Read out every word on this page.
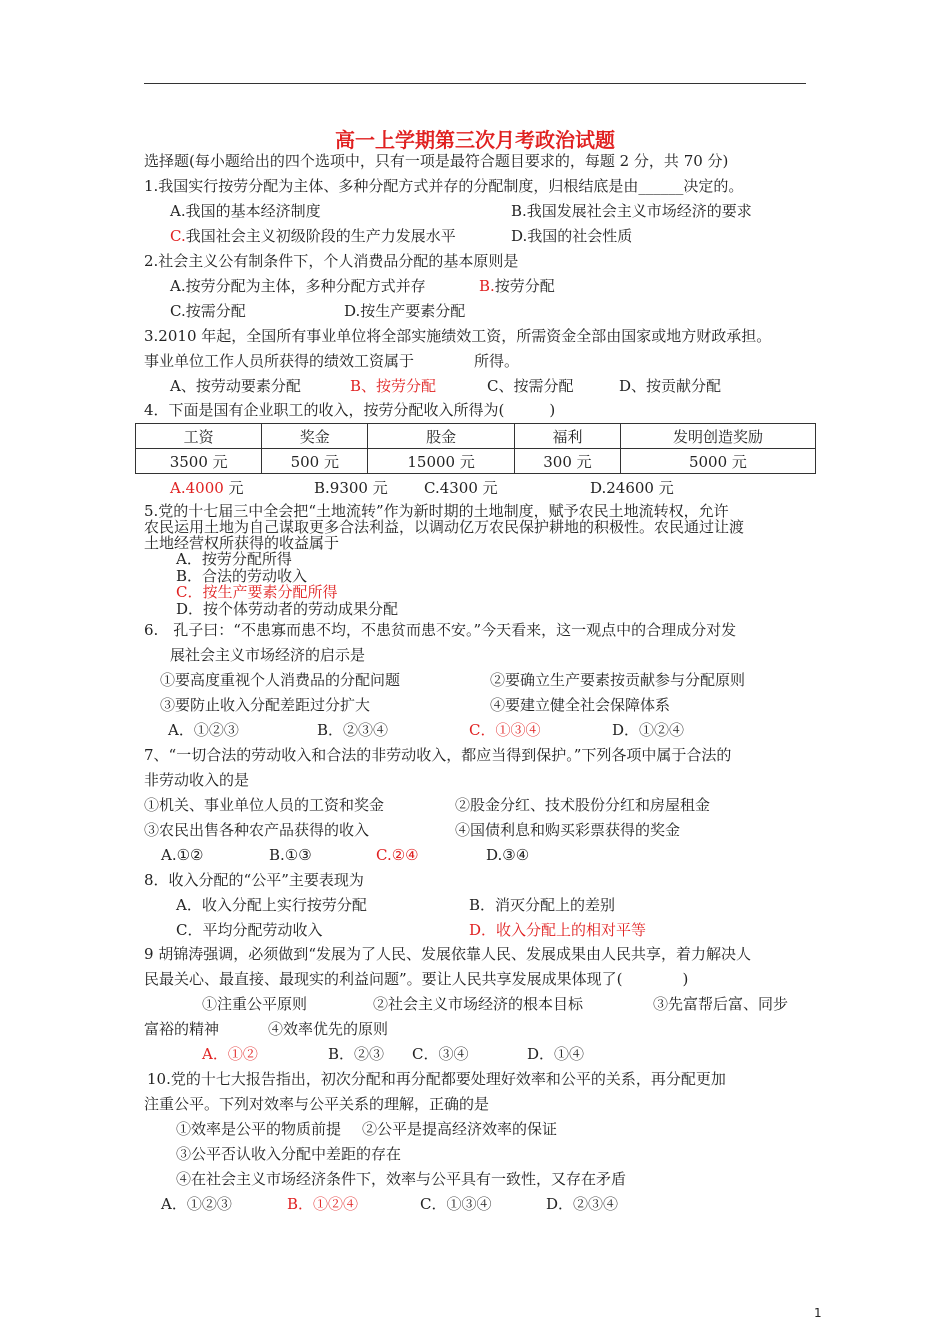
高一上学期第三次月考政治试题
选择题(每小题给出的四个选项中，只有一项是最符合题目要求的，每题 2 分，共 70 分)
1.我国实行按劳分配为主体、多种分配方式并存的分配制度，归根结底是由______决定的。
A.我国的基本经济制度	B.我国发展社会主义市场经济的要求
C.我国社会主义初级阶段的生产力发展水平	D.我国的社会性质
2.社会主义公有制条件下，个人消费品分配的基本原则是
A.按劳分配为主体，多种分配方式并存	B.按劳分配
C.按需分配	D.按生产要素分配
3.2010 年起，全国所有事业单位将全部实施绩效工资，所需资金全部由国家或地方财政承担。
事业单位工作人员所获得的绩效工资属于　　　　所得。
A、按劳动要素分配	B、按劳分配	C、按需分配	D、按贡献分配
4．下面是国有企业职工的收入，按劳分配收入所得为(　　　)
工资	奖金	股金	福利	发明创造奖励
3500 元	500 元	15000 元	300 元	5000 元
A.4000 元	B.9300 元 C.4300 元	D.24600 元
5.党的十七届三中全会把“土地流转”作为新时期的土地制度，赋予农民土地流转权，允许
农民运用土地为自己谋取更多合法利益，以调动亿万农民保护耕地的积极性。农民通过让渡
土地经营权所获得的收益属于
A．按劳分配所得
B．合法的劳动收入
C．按生产要素分配所得
D．按个体劳动者的劳动成果分配
6.　孔子曰：“不患寡而患不均，不患贫而患不安。”今天看来，这一观点中的合理成分对发
展社会主义市场经济的启示是
①要高度重视个人消费品的分配问题	②要确立生产要素按贡献参与分配原则
③要防止收入分配差距过分扩大	④要建立健全社会保障体系
A．①②③	B．②③④	C．①③④	D．①②④
7、“一切合法的劳动收入和合法的非劳动收入，都应当得到保护。”下列各项中属于合法的
非劳动收入的是
①机关、事业单位人员的工资和奖金	②股金分红、技术股份分红和房屋租金
③农民出售各种农产品获得的收入	④国债利息和购买彩票获得的奖金
A.①②	B.①③	C.②④	D.③④
8．收入分配的“公平”主要表现为
A．收入分配上实行按劳分配	B．消灭分配上的差别
C．平均分配劳动收入	D．收入分配上的相对平等
9 胡锦涛强调，必须做到“发展为了人民、发展依靠人民、发展成果由人民共享，着力解决人
民最关心、最直接、最现实的利益问题”。要让人民共享发展成果体现了(　　　　)
①注重公平原则	②社会主义市场经济的根本目标	③先富帮后富、同步
富裕的精神	④效率优先的原则
A．①②	B．②③ C．③④	D．①④
10.党的十七大报告指出，初次分配和再分配都要处理好效率和公平的关系，再分配更加
注重公平。下列对效率与公平关系的理解，正确的是
①效率是公平的物质前提 ②公平是提高经济效率的保证
③公平否认收入分配中差距的存在
④在社会主义市场经济条件下，效率与公平具有一致性，又存在矛盾
A．①②③	B．①②④	C．①③④	D．②③④
1
